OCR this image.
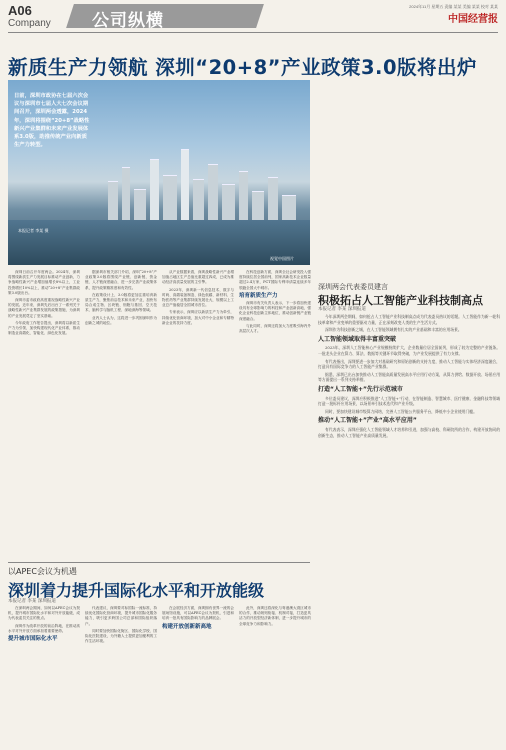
A06
Company	公司纵横
2024年11月 星期五 责编 某某 美编 某某 校对 某某
中国经营报
新质生产力领航 深圳“20+8”产业政策3.0版将出炉
日前，深圳市政协在七届六次会议与深圳市七届人大七次会议期间召开，深圳两会透露，2024年，深圳将围绕“20+8”战略性新兴产业集群和未来产业发展体系3.0版，助推传统产业向新质生产力转型。
本报记者 李某 摄
视觉中国图片

深圳日前召开年度两会。2024年，深圳将围绕新质生产力发展目标推动产业创新，力争战略性新兴产业增加值增长8%以上，工业投资增长10%以上，推动“20+8”产业集群政策3.0版出台。

深圳市委市政府高度重视战略性新兴产业的发展。近年来，深圳先后出台了一系列关于战略性新兴产业集群发展的政策措施，为深圳的产业发展奠定了坚实基础。

今年政府工作报告提出，深圳将以新质生产力为引领，加快构建现代化产业体系，推动制造业高端化、智能化、绿色化发展。

据深圳市相关部门介绍，深圳“20+8”产业政策3.0版将围绕产业链、创新链、资金链、人才链深度融合，进一步完善产业政策体系，提升政策精准度和有效性。

在政策设计上，3.0版将更加注重培育新质生产力，聚焦前沿技术和未来产业，加快布局合成生物、区块链、细胞与基因、空天技术、脑科学与脑机工程、深地深海等领域。

业内人士认为，这将进一步巩固深圳作为创新之城的地位。

从产业数据来看，深圳战略性新兴产业增加值占地区生产总值比重超过四成，已成为推动经济高质量发展的主引擎。

2023年，深圳新一代信息技术、数字与时尚、高端装备制造、绿色低碳、新材料、生物医药等产业集群持续发展壮大，规模以上工业总产值稳居全国城市首位。

专家表示，深圳应以新质生产力为牵引，持续优化营商环境，加大对中小企业和专精特新企业的扶持力度。

在科技创新方面，深圳全社会研发投入强度持续位居全国前列，国家高新技术企业数量超过2.4万家，PCT国际专利申请量连续多年领跑全国大中城市。

培育新质生产力

深圳市有关负责人表示，下一步将加快建设具有全球影响力的科技和产业创新高地，强化企业科技创新主体地位，推动创新链产业链深度融合。

与此同时，深圳还将加大力度吸引海内外高层次人才。

深圳两会代表委员建言
积极拓占人工智能产业科技制高点
本报记者 李某 深圳报道

今年深圳两会期间，如何抢占人工智能产业科技制高点成为代表委员热议的话题。人工智能作为新一轮科技革命和产业变革的重要驱动力量，正在深刻改变人类的生产生活方式。

深圳作为科技创新之城，在人工智能领域拥有扎实的产业基础和丰富的应用场景。

人工智能领域取得丰富重突破

2023年，深圳人工智能核心产业规模持续扩大，企业数量位居全国前列，形成了较为完整的产业链条。一批龙头企业在算力、算法、数据等关键环节取得突破，为产业发展提供了有力支撑。

有代表指出，深圳要进一步加大对基础研究和原始创新的支持力度，推动人工智能与实体经济深度融合，打造具有国际竞争力的人工智能产业集群。

据悉，深圳已出台加快推动人工智能高质量发展高水平应用行动方案，从算力供给、数据开放、场景应用等方面提出一系列支持举措。

打造“人工智能+”先行示范城市

多位委员建议，深圳应积极推进“人工智能+”行动，在智能制造、智慧城市、医疗健康、金融科技等领域打造一批标杆应用场景，以场景牵引技术迭代和产业升级。

同时，要加快建设城市级算力网络，完善人工智能公共服务平台，降低中小企业使用门槛。

推动“人工智能+”产业“高水平应用”

有代表表示，深圳应强化人工智能领域人才培养和引进，加强与高校、科研院所的合作，构建开放协同的创新生态，推动人工智能产业高质量发展。

以APEC会议为机遇
深圳着力提升国际化水平和开放能级
本报记者 李某 深圳报道

在深圳两会期间，如何以APEC会议为契机，提升城市国际化水平和对外开放能级，成为代表委员关注的焦点。

深圳作为改革开放的前沿阵地，在推动高水平对外开放方面承担着重要使命。

提升城市国际化水平

代表建议，深圳要对标国际一流标准，持续优化国际化营商环境，提升城市国际化服务能力，吸引更多跨国公司总部和国际组织落户。

同时要加快国际化街区、国际化学校、国际化医院建设，为外籍人士提供更加便利的工作生活环境。

在会展经济方面，深圳拥有世界一流的会展场馆设施，可以APEC会议为契机，引进和培育一批具有国际影响力的品牌展会。

构建开放创新新高地

此外，深圳还将深化与粤港澳大湾区城市的合作，推动规则衔接、机制对接，打造更具活力的开放型经济新体制，进一步提升城市的全球竞争力和影响力。
